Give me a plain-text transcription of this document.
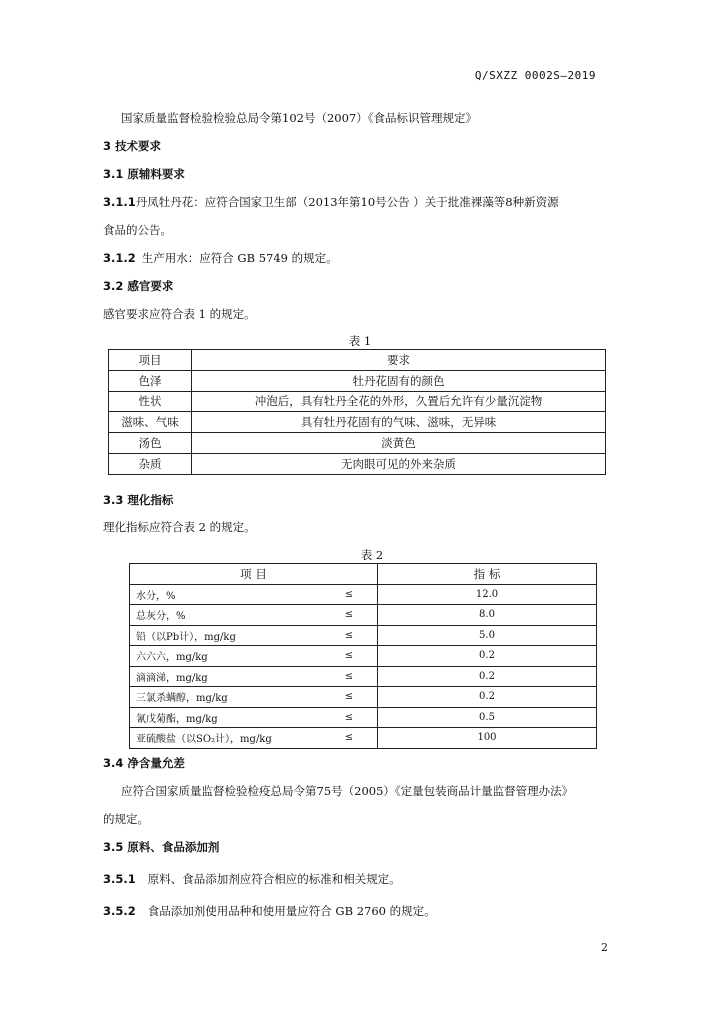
Q/SXZZ 0002S—2019
国家质量监督检验检验总局令第102号（2007）《食品标识管理规定》
3 技术要求
3.1 原辅料要求
3.1.1丹凤牡丹花：应符合国家卫生部（2013年第10号公告 ）关于批准裸藻等8种新资源
食品的公告。
3.1.2 生产用水：应符合 GB 5749 的规定。
3.2 感官要求
感官要求应符合表 1 的规定。
表 1
项目	要求
色泽	牡丹花固有的颜色
性状	冲泡后，具有牡丹全花的外形，久置后允许有少量沉淀物
滋味、气味	具有牡丹花固有的气味、滋味，无异味
汤色	淡黄色
杂质	无肉眼可见的外来杂质
3.3 理化指标
理化指标应符合表 2 的规定。
表 2
项 目		指 标
水分，%	≤	12.0
总灰分，%	≤	8.0
铅（以Pb计），mg/kg	≤	5.0
六六六，mg/kg	≤	0.2
滴滴涕，mg/kg	≤	0.2
三氯杀螨醇，mg/kg	≤	0.2
氰戊菊酯，mg/kg	≤	0.5
亚硫酸盐（以SO₂计），mg/kg	≤	100
3.4 净含量允差
应符合国家质量监督检验检疫总局令第75号（2005）《定量包装商品计量监督管理办法》
的规定。
3.5 原料、食品添加剂
3.5.1 原料、食品添加剂应符合相应的标准和相关规定。
3.5.2 食品添加剂使用品种和使用量应符合 GB 2760 的规定。
2
